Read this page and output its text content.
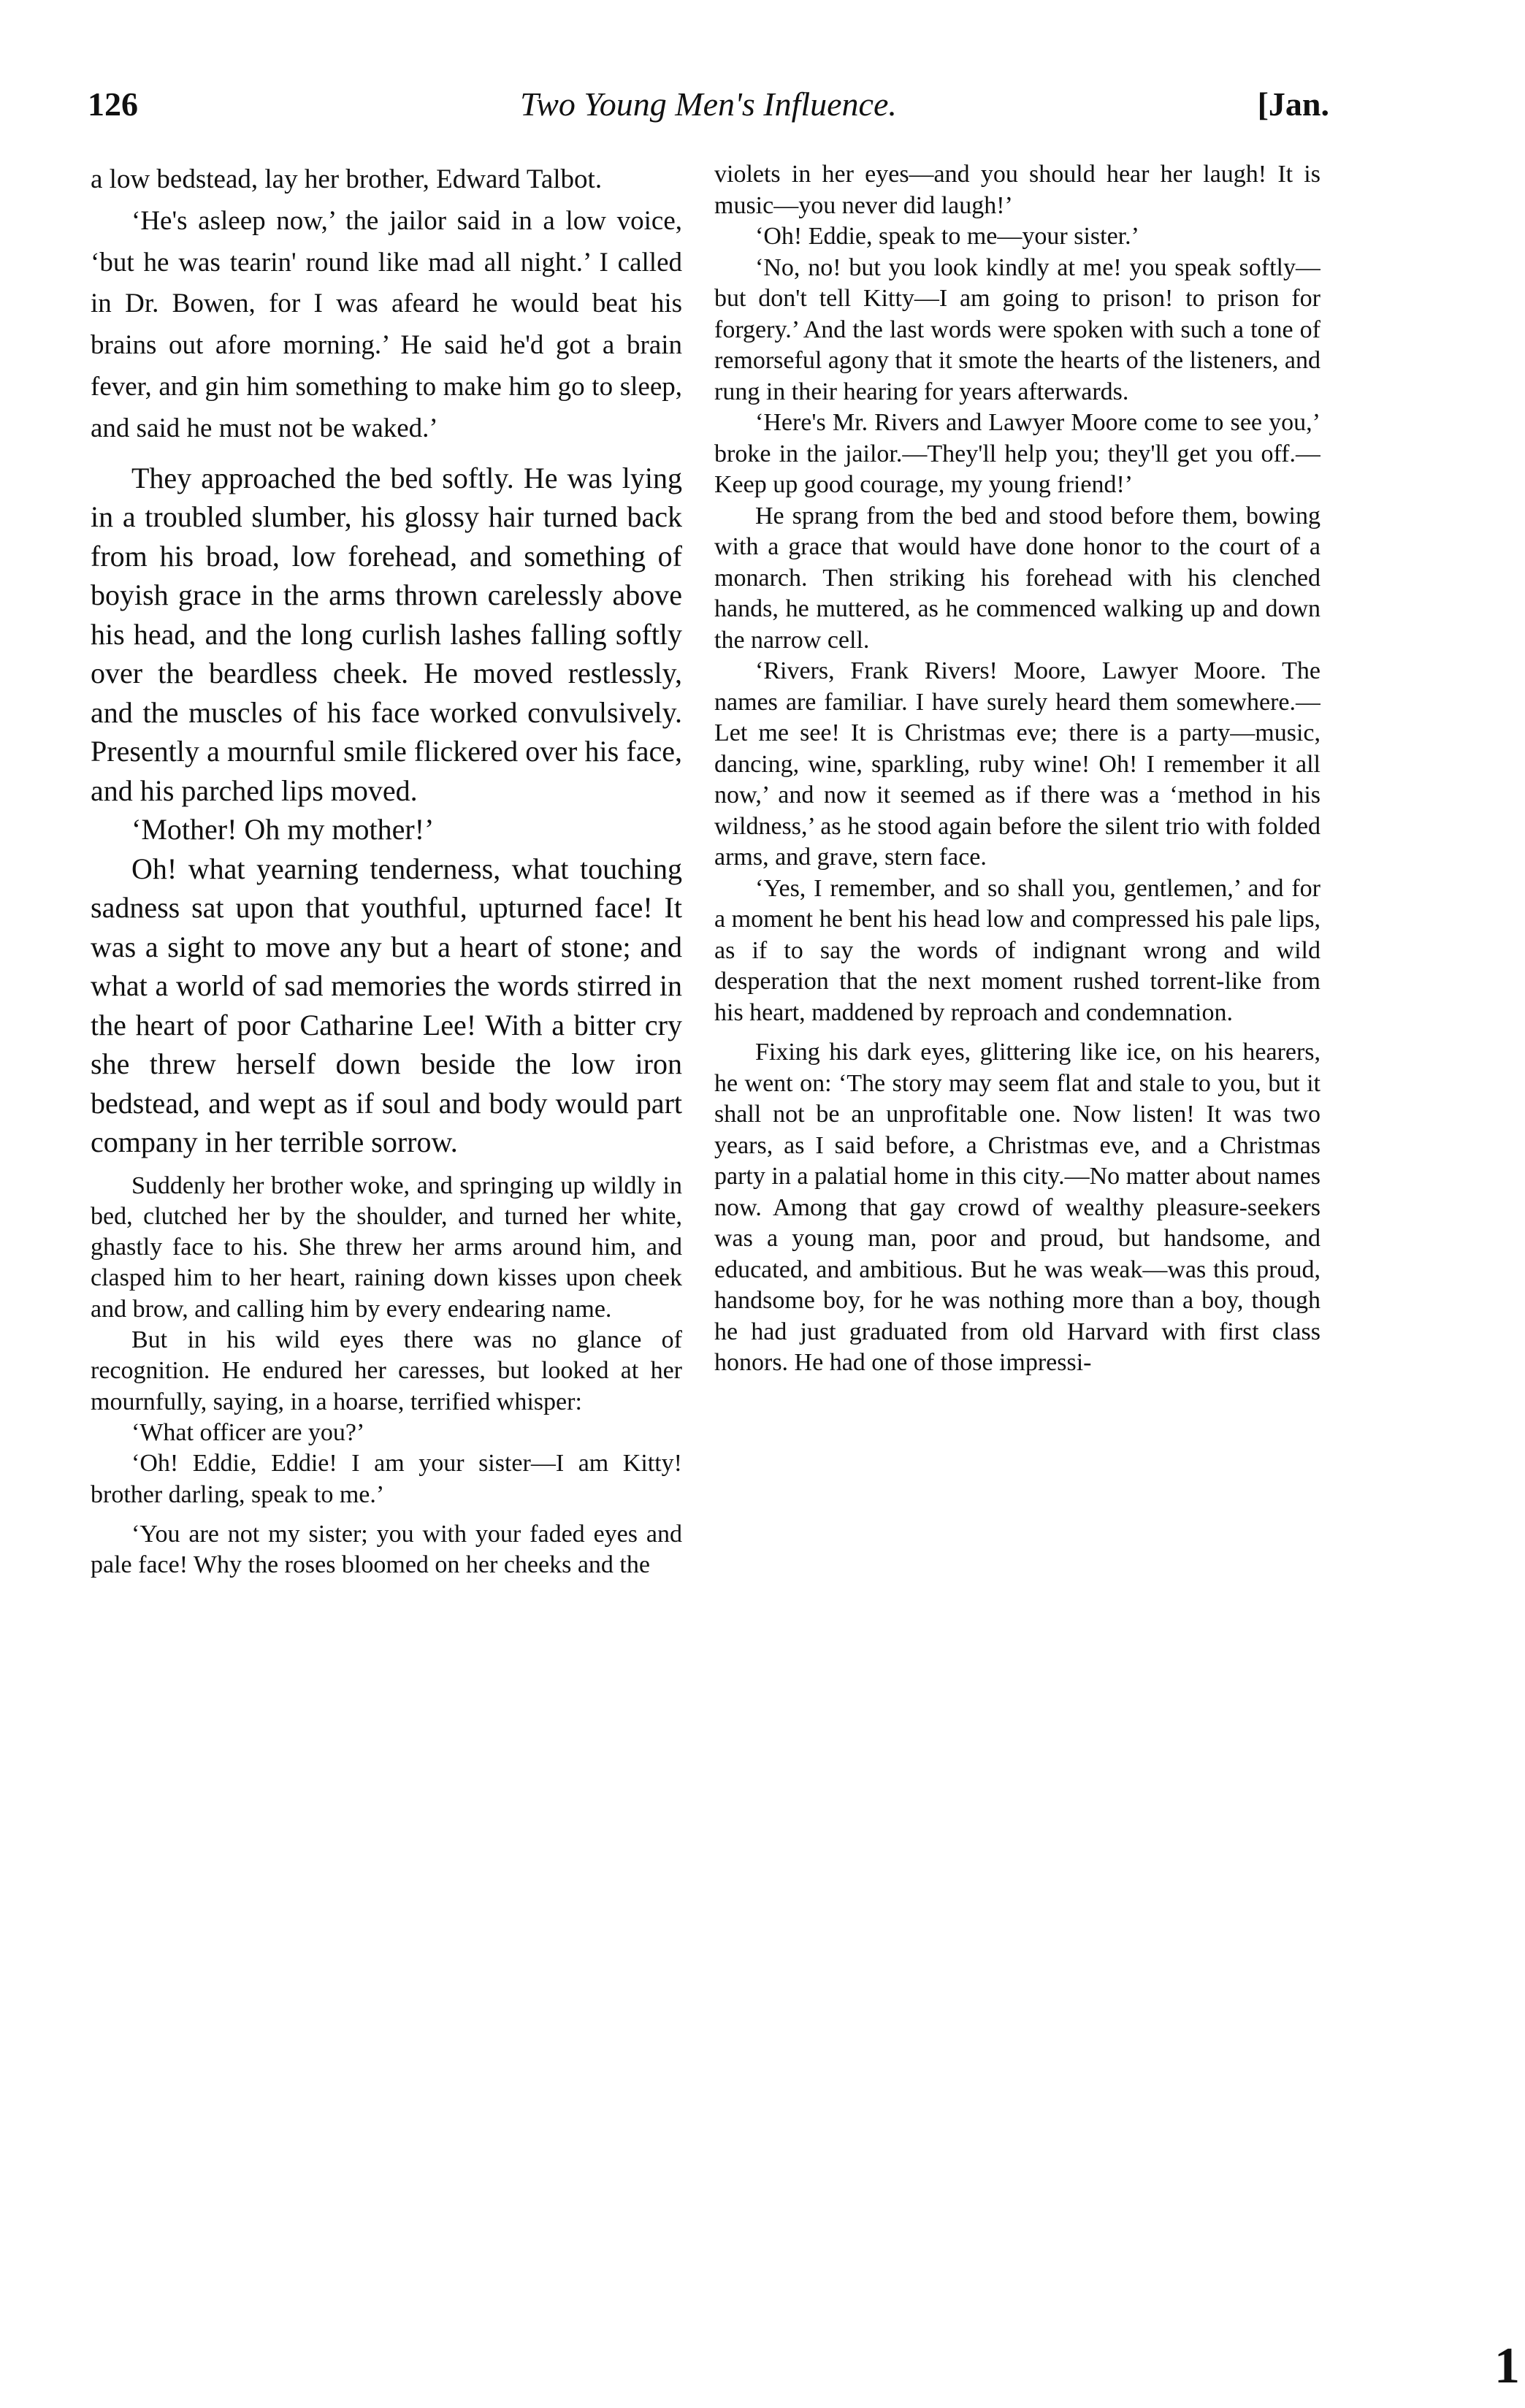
126	Two Young Men's Influence.	[Jan.

a low bedstead, lay her brother, Edward Talbot.

‘He's asleep now,’ the jailor said in a low voice, ‘but he was tearin' round like mad all night.’ I called in Dr. Bowen, for I was afeard he would beat his brains out afore morning.’ He said he'd got a brain fever, and gin him something to make him go to sleep, and said he must not be waked.’

They approached the bed softly. He was lying in a troubled slumber, his glossy hair turned back from his broad, low forehead, and something of boyish grace in the arms thrown carelessly above his head, and the long curlish lashes falling softly over the beardless cheek. He moved restlessly, and the muscles of his face worked convulsively. Presently a mournful smile flickered over his face, and his parched lips moved.

‘Mother! Oh my mother!’

Oh! what yearning tenderness, what touching sadness sat upon that youthful, upturned face! It was a sight to move any but a heart of stone; and what a world of sad memories the words stirred in the heart of poor Catharine Lee! With a bitter cry she threw herself down beside the low iron bedstead, and wept as if soul and body would part company in her terrible sorrow.

Suddenly her brother woke, and springing up wildly in bed, clutched her by the shoulder, and turned her white, ghastly face to his. She threw her arms around him, and clasped him to her heart, raining down kisses upon cheek and brow, and calling him by every endearing name.

But in his wild eyes there was no glance of recognition. He endured her caresses, but looked at her mournfully, saying, in a hoarse, terrified whisper:

‘What officer are you?’

‘Oh! Eddie, Eddie! I am your sister—I am Kitty! brother darling, speak to me.’

‘You are not my sister; you with your faded eyes and pale face! Why the roses bloomed on her cheeks and the

violets in her eyes—and you should hear her laugh! It is music—you never did laugh!’

‘Oh! Eddie, speak to me—your sister.’

‘No, no! but you look kindly at me! you speak softly—but don't tell Kitty—I am going to prison! to prison for forgery.’ And the last words were spoken with such a tone of remorseful agony that it smote the hearts of the listeners, and rung in their hearing for years afterwards.

‘Here's Mr. Rivers and Lawyer Moore come to see you,’ broke in the jailor.—They'll help you; they'll get you off.—Keep up good courage, my young friend!’

He sprang from the bed and stood before them, bowing with a grace that would have done honor to the court of a monarch. Then striking his forehead with his clenched hands, he muttered, as he commenced walking up and down the narrow cell.

‘Rivers, Frank Rivers! Moore, Lawyer Moore. The names are familiar. I have surely heard them somewhere.—Let me see! It is Christmas eve; there is a party—music, dancing, wine, sparkling, ruby wine! Oh! I remember it all now,’ and now it seemed as if there was a ‘method in his wildness,’ as he stood again before the silent trio with folded arms, and grave, stern face.

‘Yes, I remember, and so shall you, gentlemen,’ and for a moment he bent his head low and compressed his pale lips, as if to say the words of indignant wrong and wild desperation that the next moment rushed torrent-like from his heart, maddened by reproach and condemnation.

Fixing his dark eyes, glittering like ice, on his hearers, he went on: ‘The story may seem flat and stale to you, but it shall not be an unprofitable one. Now listen! It was two years, as I said before, a Christmas eve, and a Christmas party in a palatial home in this city.—No matter about names now. Among that gay crowd of wealthy pleasure-seekers was a young man, poor and proud, but handsome, and educated, and ambitious. But he was weak—was this proud, handsome boy, for he was nothing more than a boy, though he had just graduated from old Harvard with first class honors. He had one of those impressi-

1
